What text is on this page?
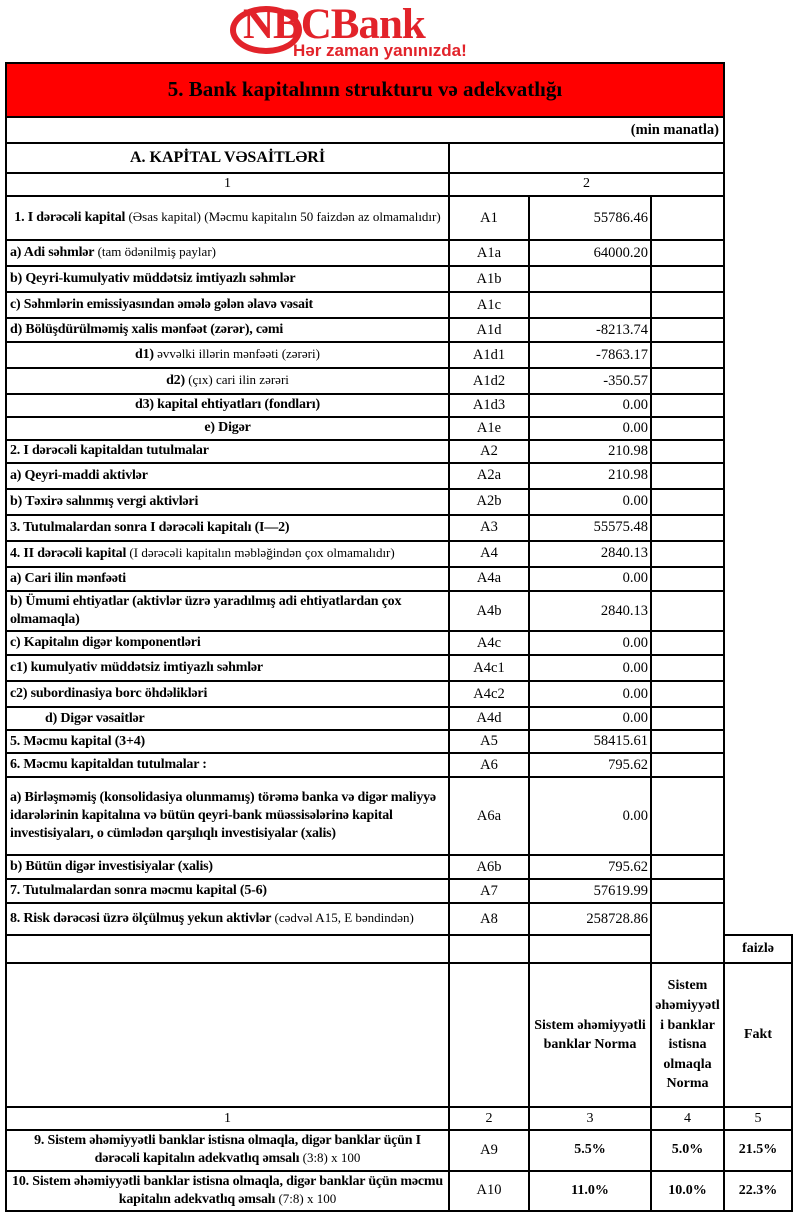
NBCBank
Hər zaman yanınızda!
5. Bank kapitalının strukturu və adekvatlığı				
(min manatla)				
A. KAPİTAL VƏSAİTLƏRİ				
1	2			
1. I dərəcəli kapital (Əsas kapital) (Məcmu kapitalın 50 faizdən az olmamalıdır)	A1	55786.46		
a) Adi səhmlər (tam ödənilmiş paylar)	A1a	64000.20		
b) Qeyri-kumulyativ müddətsiz imtiyazlı səhmlər	A1b			
c) Səhmlərin emissiyasından əmələ gələn əlavə vəsait	A1c			
d) Bölüşdürülməmiş xalis mənfəət (zərər), cəmi	A1d	-8213.74		
d1) əvvəlki illərin mənfəəti (zərəri)	A1d1	-7863.17		
d2) (çıx) cari ilin zərəri	A1d2	-350.57		
d3) kapital ehtiyatları (fondları)	A1d3	0.00		
e) Digər	A1e	0.00		
2. I dərəcəli kapitaldan tutulmalar	A2	210.98		
a) Qeyri-maddi aktivlər	A2a	210.98		
b) Təxirə salınmış vergi aktivləri	A2b	0.00		
3. Tutulmalardan sonra I dərəcəli kapitalı (I—2)	A3	55575.48		
4. II dərəcəli kapital (I dərəcəli kapitalın məbləğindən çox olmamalıdır)	A4	2840.13		
a) Cari ilin mənfəəti	A4a	0.00		
b) Ümumi ehtiyatlar (aktivlər üzrə yaradılmış adi ehtiyatlardan çox olmamaqla)	A4b	2840.13		
c) Kapitalın digər komponentləri	A4c	0.00		
c1) kumulyativ müddətsiz imtiyazlı səhmlər	A4c1	0.00		
c2) subordinasiya borc öhdəlikləri	A4c2	0.00		
d) Digər vəsaitlər	A4d	0.00		
5. Məcmu kapital (3+4)	A5	58415.61		
6. Məcmu kapitaldan tutulmalar :	A6	795.62		
a) Birləşməmiş (konsolidasiya olunmamış) törəmə banka və digər maliyyə idarələrinin kapitalına və bütün qeyri-bank müəssisələrinə kapital investisiyaları, o cümlədən qarşılıqlı investisiyalar (xalis)	A6a	0.00		
b) Bütün digər investisiyalar (xalis)	A6b	795.62		
7. Tutulmalardan sonra məcmu kapital (5-6)	A7	57619.99		
8. Risk dərəcəsi üzrə ölçülmuş yekun aktivlər (cədvəl A15, E bəndindən)	A8	258728.86		
				faizlə
		Sistem əhəmiyyətli banklar Norma	Sistem əhəmiyyətli banklar istisna olmaqla Norma	Fakt
1	2	3	4	5
9. Sistem əhəmiyyətli banklar istisna olmaqla, digər banklar üçün I dərəcəli kapitalın adekvatlıq əmsalı (3:8) x 100	A9	5.5%	5.0%	21.5%
10. Sistem əhəmiyyətli banklar istisna olmaqla, digər banklar üçün məcmu kapitalın adekvatlıq əmsalı (7:8) x 100	A10	11.0%	10.0%	22.3%
